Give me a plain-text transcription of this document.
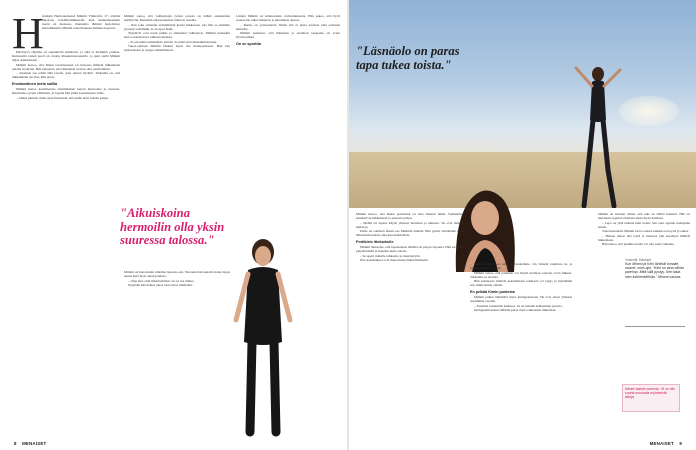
H

elsingin Herttoniemessä Mimmi Ylimerivä, 27, näyttää ohjaavan vatsalihasliikkeisiin. Kun sunnuntaiaamun treeni on menossa, muutamia ihmisiä harjoittelee kuntoliikkeitä. Mimmi ottaa tilanteen haltuun nopeasti.

Päivittyvä ohjelma on suunniteltu etukäteen, ja siitä ei liiemmin poiketa. Kuntosalin toinen puoli on varattu lihaskuntotreeneille, ja juuri siellä Mimmi ohjaa asiakkaitaan.

Mimmi kertoo, että hänen tavoitteenaan on innostaa ihmisiä liikkumaan omalla tavallaan. Hän painottaa, ettei liikunnan tarvitse olla suorittamista.

– Jokainen saa tehdä sillä tasolla, joka tuntuu hyvältä. Tärkeintä on, että liikkuminen tuo iloa, hän sanoo.

Ensimmäinen kerta salilla

Mimmi kertoo kokeilleensa ensimmäisen kerran kuntosalia jo nuorena. Kiinnostus syveni vähitellen, ja lopulta hän päätti kouluttautua alalle.

– Aluksi jännitti, mutta pian huomasin, että pidän tästä todella paljon.

Mimmi sanoo, että valmentajan työssä parasta on nähdä asiakkaiden kehittyvän. Pienetkin edistysaskeleet tuntuvat suurilta.

– Kun joku onnistuu ensimmäistä kertaa liikkeessä, jota hän ei aiemmin pystynyt tekemään, se on upea hetki.

Työpäivät ovat usein pitkiä, ja aikataulut vaihtelevat. Mimmi kuitenkin kertoo nauttivansa vaihtelevuudesta.

– Ei ole kahta samanlaista päivää. Se pitää työn mielenkiintoisena.

Vapaa-ajallaan Mimmi liikkuu myös itse monipuolisesti. Hän käy juoksemassa ja joogaa säännöllisesti.

"Aikuiskoina hermoilin olla yksin suuressa talossa."

Mimmi on harrastanut urheilua lapsesta asti. Nuorena hän kokeili monia lajeja ennen kuin löysi oman juttunsa.

– Olen aina ollut liikunnallinen. Se on osa minua.

Nykyään hän haluaa jakaa tuota intoa muillekin.

Lisäksi Mimmi on kiinnostunut ravitsemuksesta. Hän uskoo, että hyvä ruokavalio tukee liikuntaa ja jaksamista arjessa.

– Ruoka on polttoainetta. Ilman sitä ei jaksa treenata eikä palautua kunnolla.

Mimmi painottaa, että liikunnan ja ravinnon tasapaino on avain hyvinvointiin.

On se sporttia
8 MENAISET
"Läsnäolo on paras tapa tukea toista."

Mimmi kertoo, että hänen perheensä on aina tukenut häntä. Vanhemmat kannustivat liikkumaan jo pienestä pitäen.

– Meillä oli tapana käydä yhdessä metsässä ja uimassa. Ne ovat tärkeitä muistoja.

Perhe on edelleen tärkeä osa Mimmin elämää. Hän pyrkii viettämään aikaa läheistensä kanssa aina kun mahdollista.

Portikielo ittokarkulle

Mimmi muistelee, että lapsuudessa hänellä oli paljon vapautta. Hän sai tutkia ympäristöään ja kokeilla uusia asioita.

– Se opetti minulle rohkeutta ja itsenäisyyttä.

Nuo kokemukset ovat muovanneet häntä ihmisenä.

– Meillä kaikilla on omat vahvuutemme. On tärkeää tunnistaa ne ja rakentaa niiden varaan.

Mimmi uskoo, että jokainen voi löytää itselleen sopivan tavan liikkua. Tärkeintä on aloittaa.

Hän kannustaa ihmisiä kokeilemaan rohkeasti eri lajeja ja löytämään sen, mikä tuntuu omalta.

En pelkää Kimin puolesta

Mimmi puhuu lämmöllä myös kumppanistaan. He ovat olleet yhdessä useamman vuoden.

– Tuemme toisiamme kaikessa. Se on meidän suhteemme perusta.

Kumppanin kanssa Mimmi jakaa myös rakkauden liikuntaan.

Mimmi on tottunut siihen, että arki on välillä hektistä. Hän on kuitenkin oppinut ottamaan aikaa myös itselleen.

– Lepo on yhtä tärkeää kuin treeni. Sen olen oppinut kantapään kautta.

Tulevaisuudelta Mimmi toivoo ennen kaikkea terveyttä ja onnea.

– Haluan jatkaa tätä työtä ja innostaa yhä useampia ihmisiä liikkumaan.

Hän uskoo, että pienillä teoilla voi olla suuri vaikutus.

MENAISET 9
Vinsentti, Kiitokset
Kun Mimmi ja Kimi lähtivät lomalle, sisaret, mies ajoi. "Kimi on aina vähän parempi. Mitä sillä pystyy. Sen takia olen tukihenkilöhän." Mimmi nauraa.
Mimmi laskee poweria. Yli on niin suurta muutosta myönteistä aikoja.
